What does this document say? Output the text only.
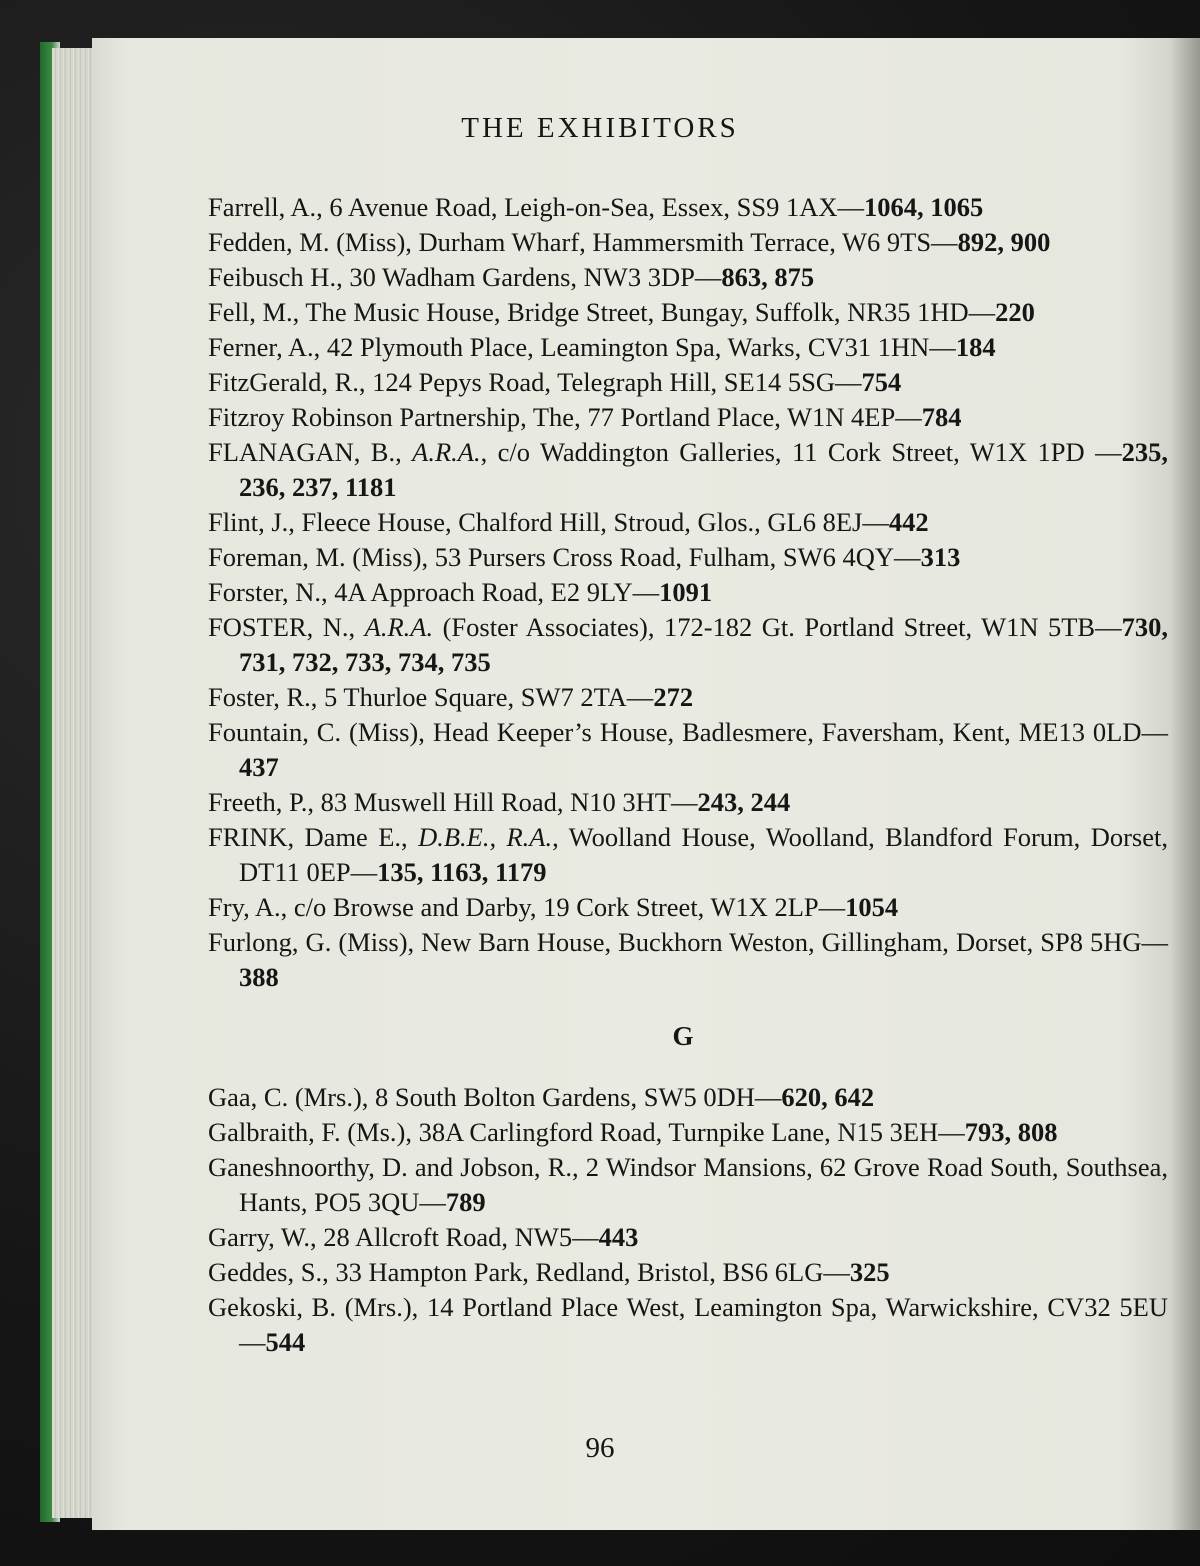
THE EXHIBITORS

Farrell, A., 6 Avenue Road, Leigh-on-Sea, Essex, SS9 1AX—1064, 1065

Fedden, M. (Miss), Durham Wharf, Hammersmith Terrace, W6 9TS—892, 900

Feibusch H., 30 Wadham Gardens, NW3 3DP—863, 875

Fell, M., The Music House, Bridge Street, Bungay, Suffolk, NR35 1HD—220

Ferner, A., 42 Plymouth Place, Leamington Spa, Warks, CV31 1HN—184

FitzGerald, R., 124 Pepys Road, Telegraph Hill, SE14 5SG—754

Fitzroy Robinson Partnership, The, 77 Portland Place, W1N 4EP—784

FLANAGAN, B., A.R.A., c/o Waddington Galleries, 11 Cork Street, W1X 1PD —235, 236, 237, 1181

Flint, J., Fleece House, Chalford Hill, Stroud, Glos., GL6 8EJ—442

Foreman, M. (Miss), 53 Pursers Cross Road, Fulham, SW6 4QY—313

Forster, N., 4A Approach Road, E2 9LY—1091

FOSTER, N., A.R.A. (Foster Associates), 172-182 Gt. Portland Street, W1N 5TB—730, 731, 732, 733, 734, 735

Foster, R., 5 Thurloe Square, SW7 2TA—272

Fountain, C. (Miss), Head Keeper’s House, Badlesmere, Faversham, Kent, ME13 0LD—437

Freeth, P., 83 Muswell Hill Road, N10 3HT—243, 244

FRINK, Dame E., D.B.E., R.A., Woolland House, Woolland, Blandford Forum, Dorset, DT11 0EP—135, 1163, 1179

Fry, A., c/o Browse and Darby, 19 Cork Street, W1X 2LP—1054

Furlong, G. (Miss), New Barn House, Buckhorn Weston, Gillingham, Dorset, SP8 5HG—388

G

Gaa, C. (Mrs.), 8 South Bolton Gardens, SW5 0DH—620, 642

Galbraith, F. (Ms.), 38A Carlingford Road, Turnpike Lane, N15 3EH—793, 808

Ganeshnoorthy, D. and Jobson, R., 2 Windsor Mansions, 62 Grove Road South, Southsea, Hants, PO5 3QU—789

Garry, W., 28 Allcroft Road, NW5—443

Geddes, S., 33 Hampton Park, Redland, Bristol, BS6 6LG—325

Gekoski, B. (Mrs.), 14 Portland Place West, Leamington Spa, Warwickshire, CV32 5EU—544

96
